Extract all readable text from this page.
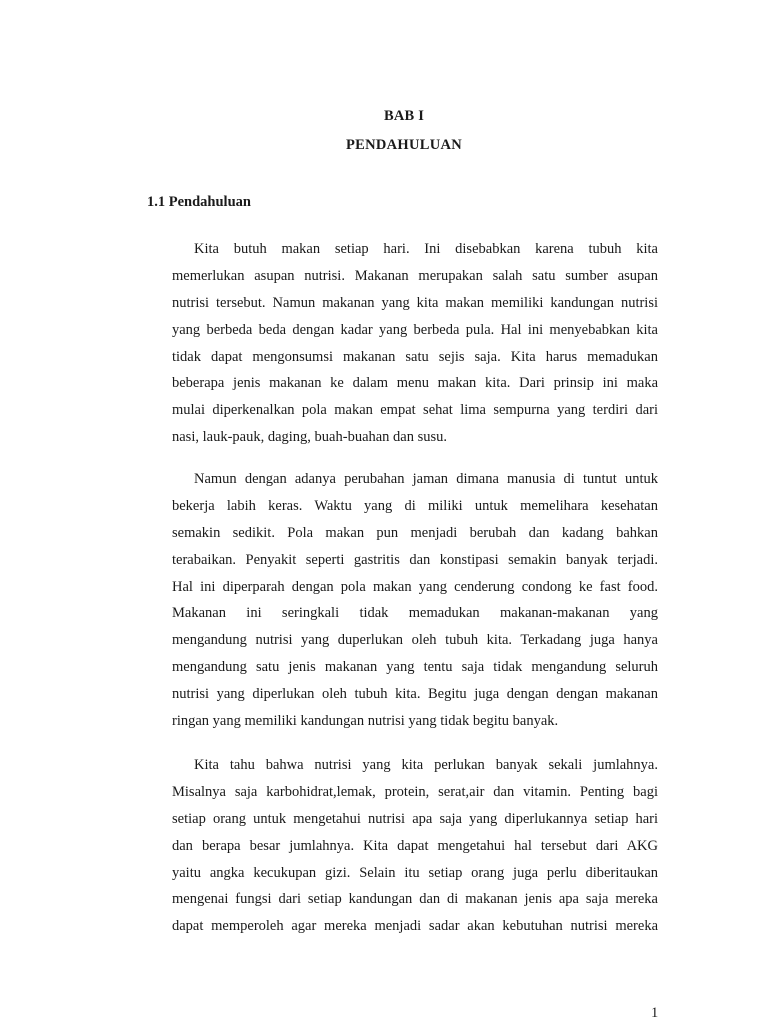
BAB I
PENDAHULUAN
1.1 Pendahuluan
Kita butuh makan setiap hari. Ini disebabkan karena tubuh kita
memerlukan asupan nutrisi. Makanan merupakan salah satu sumber asupan
nutrisi tersebut. Namun makanan yang kita makan memiliki kandungan nutrisi
yang berbeda beda dengan kadar yang berbeda pula. Hal ini menyebabkan kita
tidak dapat mengonsumsi makanan satu sejis saja. Kita harus memadukan
beberapa jenis makanan ke dalam menu makan kita. Dari prinsip ini maka
mulai diperkenalkan pola makan empat sehat lima sempurna yang terdiri dari
nasi, lauk-pauk, daging, buah-buahan dan susu.
Namun dengan adanya perubahan jaman dimana manusia di tuntut untuk
bekerja labih keras. Waktu yang di miliki untuk memelihara kesehatan
semakin sedikit. Pola makan pun menjadi berubah dan kadang bahkan
terabaikan. Penyakit seperti gastritis dan konstipasi semakin banyak terjadi.
Hal ini diperparah dengan pola makan yang cenderung condong ke fast food.
Makanan ini seringkali tidak memadukan makanan-makanan yang
mengandung nutrisi yang duperlukan oleh tubuh kita. Terkadang juga hanya
mengandung satu jenis makanan yang tentu saja tidak mengandung seluruh
nutrisi yang diperlukan oleh tubuh kita. Begitu juga dengan dengan makanan
ringan yang memiliki kandungan nutrisi yang tidak begitu banyak.
Kita tahu bahwa nutrisi yang kita perlukan banyak sekali jumlahnya.
Misalnya saja karbohidrat,lemak, protein, serat,air dan vitamin. Penting bagi
setiap orang untuk mengetahui nutrisi apa saja yang diperlukannya setiap hari
dan berapa besar jumlahnya. Kita dapat mengetahui hal tersebut dari AKG
yaitu angka kecukupan gizi. Selain itu setiap orang juga perlu diberitaukan
mengenai fungsi dari setiap kandungan dan di makanan jenis apa saja mereka
dapat memperoleh agar mereka menjadi sadar akan kebutuhan nutrisi mereka
1
